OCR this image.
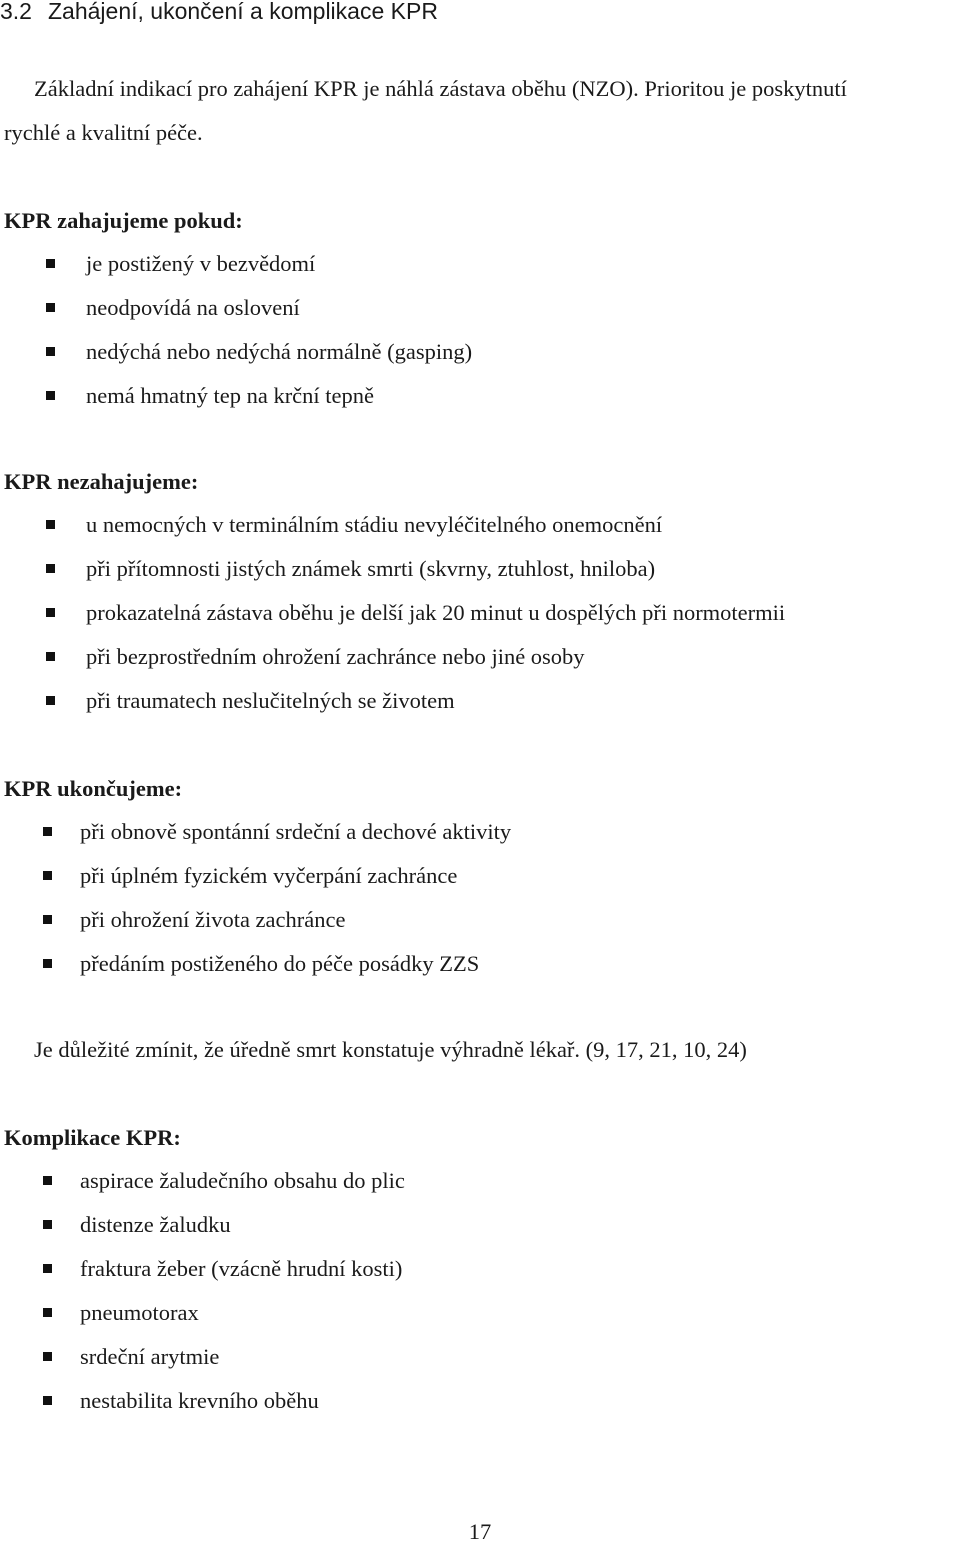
3.2 Zahájení, ukončení a komplikace KPR

Základní indikací pro zahájení KPR je náhlá zástava oběhu (NZO). Prioritou je poskytnutí

rychlé a kvalitní péče.

KPR zahajujeme pokud:

je postižený v bezvědomí
neodpovídá na oslovení
nedýchá nebo nedýchá normálně (gasping)
nemá hmatný tep na krční tepně

KPR nezahajujeme:

u nemocných v terminálním stádiu nevyléčitelného onemocnění
při přítomnosti jistých známek smrti (skvrny, ztuhlost, hniloba)
prokazatelná zástava oběhu je delší jak 20 minut u dospělých při normotermii
při bezprostředním ohrožení zachránce nebo jiné osoby
při traumatech neslučitelných se životem

KPR ukončujeme:

při obnově spontánní srdeční a dechové aktivity
při úplném fyzickém vyčerpání zachránce
při ohrožení života zachránce
předáním postiženého do péče posádky ZZS

Je důležité zmínit, že úředně smrt konstatuje výhradně lékař. (9, 17, 21, 10, 24)

Komplikace KPR:

aspirace žaludečního obsahu do plic
distenze žaludku
fraktura žeber (vzácně hrudní kosti)
pneumotorax
srdeční arytmie
nestabilita krevního oběhu
17
